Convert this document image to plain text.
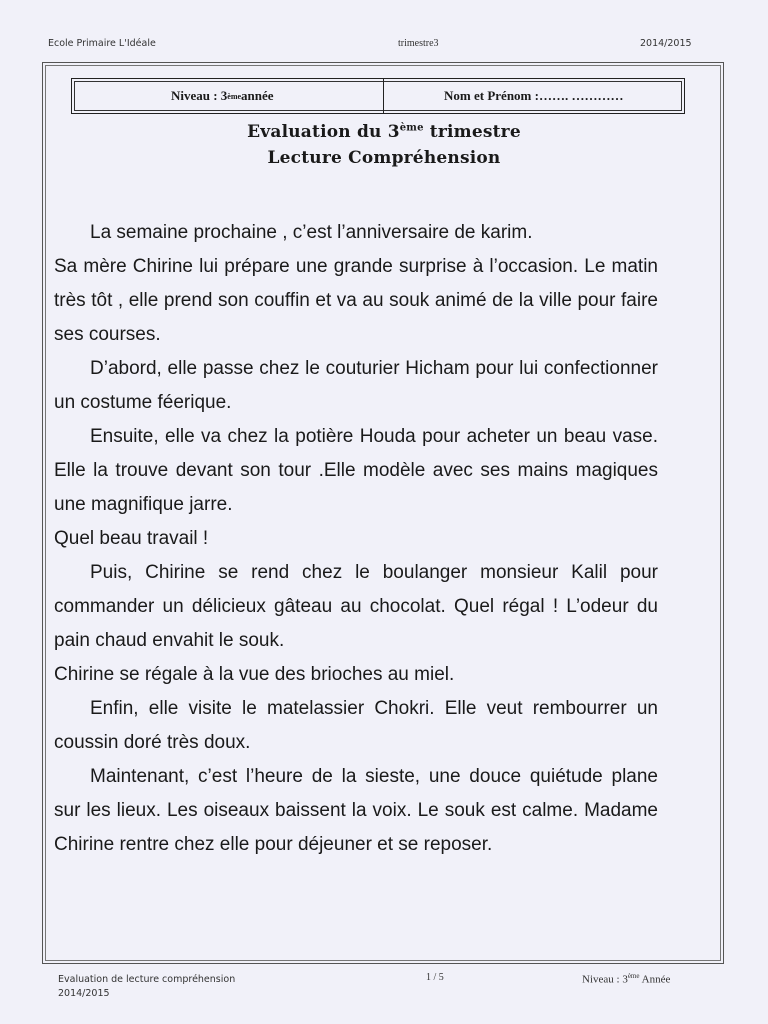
Ecole Primaire L'Idéale	trimestre3	2014/2015
Niveau : 3 ème année	Nom et Prénom :……. …………
Evaluation du 3ème trimestre
Lecture Compréhension

La semaine prochaine , c’est l’anniversaire de karim.

Sa mère Chirine lui prépare une grande surprise à l’occasion. Le matin très tôt , elle prend son couffin et va au souk animé de la ville pour faire ses courses.

D’abord, elle passe chez le couturier Hicham pour lui confectionner un costume féerique.

Ensuite, elle va chez la potière Houda pour acheter un beau vase. Elle la trouve devant son tour .Elle modèle avec ses mains magiques une magnifique jarre.

Quel beau travail !

Puis, Chirine se rend chez le boulanger monsieur Kalil pour commander un délicieux gâteau au chocolat. Quel régal ! L’odeur du pain chaud envahit le souk.

Chirine se régale à la vue des brioches au miel.

Enfin, elle visite le matelassier Chokri. Elle veut rembourrer un coussin doré très doux.

Maintenant, c’est l’heure de la sieste, une douce quiétude plane sur les lieux. Les oiseaux baissent la voix. Le souk est calme. Madame Chirine rentre chez elle pour déjeuner et se reposer.

Evaluation de lecture compréhension
2014/2015
1 / 5	Niveau : 3ème Année
